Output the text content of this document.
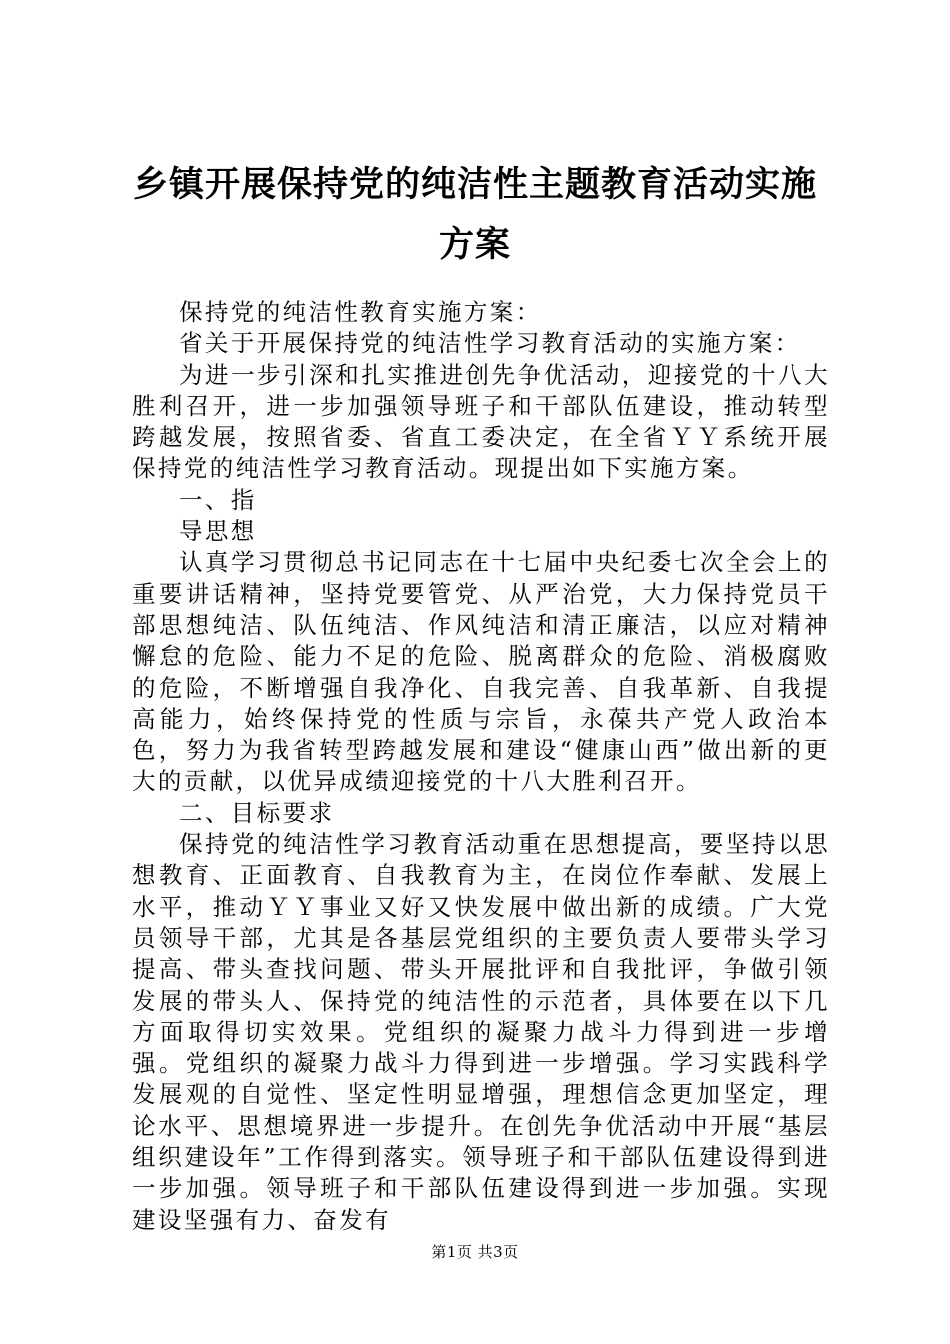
乡镇开展保持党的纯洁性主题教育活动实施方案

保持党的纯洁性教育实施方案：

省关于开展保持党的纯洁性学习教育活动的实施方案：

为进一步引深和扎实推进创先争优活动，迎接党的十八大胜利召开，进一步加强领导班子和干部队伍建设，推动转型跨越发展，按照省委、省直工委决定，在全省ＹＹ系统开展保持党的纯洁性学习教育活动。现提出如下实施方案。

一、指

导思想

认真学习贯彻总书记同志在十七届中央纪委七次全会上的重要讲话精神，坚持党要管党、从严治党，大力保持党员干部思想纯洁、队伍纯洁、作风纯洁和清正廉洁，以应对精神懈怠的危险、能力不足的危险、脱离群众的危险、消极腐败的危险，不断增强自我净化、自我完善、自我革新、自我提高能力，始终保持党的性质与宗旨，永葆共产党人政治本色，努力为我省转型跨越发展和建设“健康山西”做出新的更大的贡献，以优异成绩迎接党的十八大胜利召开。

二、目标要求

保持党的纯洁性学习教育活动重在思想提高，要坚持以思想教育、正面教育、自我教育为主，在岗位作奉献、发展上水平，推动ＹＹ事业又好又快发展中做出新的成绩。广大党员领导干部，尤其是各基层党组织的主要负责人要带头学习提高、带头查找问题、带头开展批评和自我批评，争做引领发展的带头人、保持党的纯洁性的示范者，具体要在以下几方面取得切实效果。党组织的凝聚力战斗力得到进一步增强。党组织的凝聚力战斗力得到进一步增强。学习实践科学发展观的自觉性、坚定性明显增强，理想信念更加坚定，理论水平、思想境界进一步提升。在创先争优活动中开展“基层组织建设年”工作得到落实。领导班子和干部队伍建设得到进一步加强。领导班子和干部队伍建设得到进一步加强。实现建设坚强有力、奋发有

第1页 共3页
